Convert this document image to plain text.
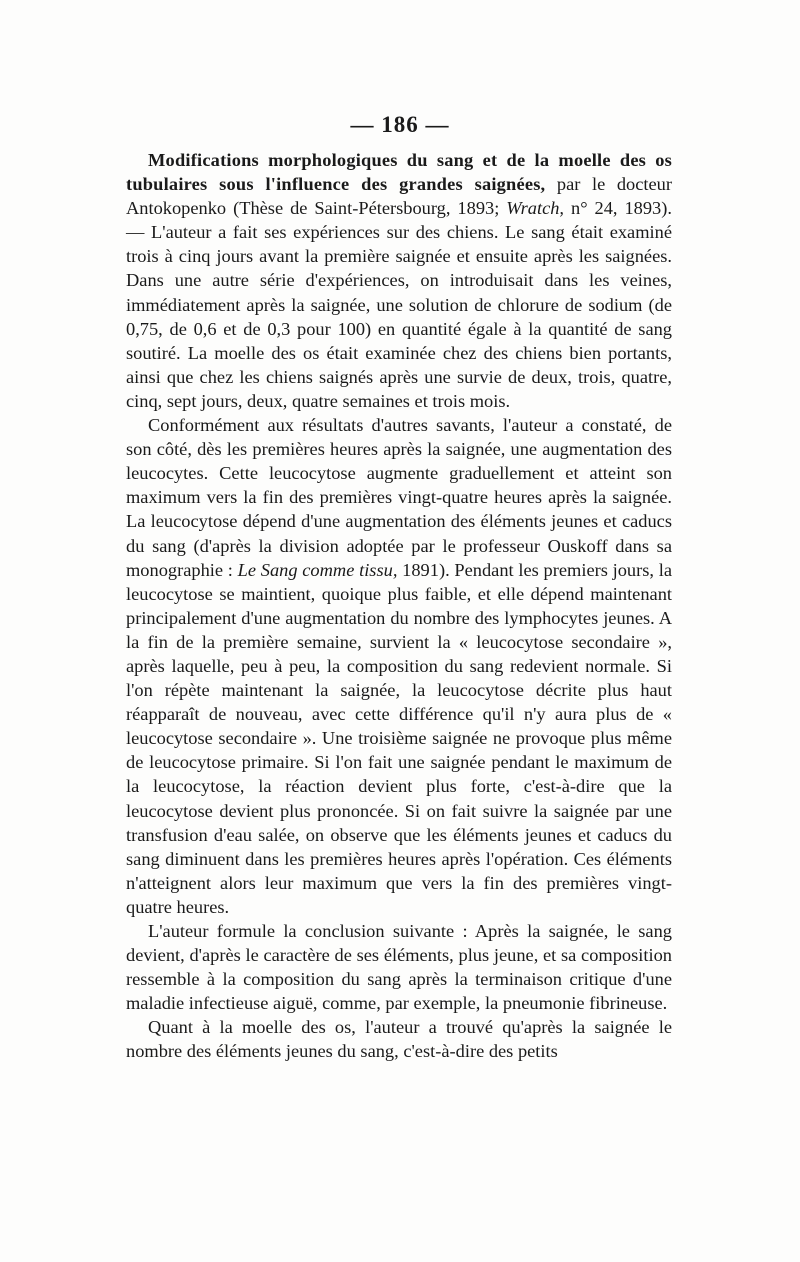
— 186 —

Modifications morphologiques du sang et de la moelle des os tubulaires sous l'influence des grandes saignées, par le docteur Antokopenko (Thèse de Saint-Pétersbourg, 1893; Wratch, n° 24, 1893). — L'auteur a fait ses expériences sur des chiens. Le sang était examiné trois à cinq jours avant la première saignée et ensuite après les saignées. Dans une autre série d'expériences, on introduisait dans les veines, immédiatement après la saignée, une solution de chlorure de sodium (de 0,75, de 0,6 et de 0,3 pour 100) en quantité égale à la quantité de sang soutiré. La moelle des os était examinée chez des chiens bien portants, ainsi que chez les chiens saignés après une survie de deux, trois, quatre, cinq, sept jours, deux, quatre semaines et trois mois.

Conformément aux résultats d'autres savants, l'auteur a constaté, de son côté, dès les premières heures après la saignée, une augmentation des leucocytes. Cette leucocytose augmente graduellement et atteint son maximum vers la fin des premières vingt-quatre heures après la saignée. La leucocytose dépend d'une augmentation des éléments jeunes et caducs du sang (d'après la division adoptée par le professeur Ouskoff dans sa monographie : Le Sang comme tissu, 1891). Pendant les premiers jours, la leucocytose se maintient, quoique plus faible, et elle dépend maintenant principalement d'une augmentation du nombre des lymphocytes jeunes. A la fin de la première semaine, survient la « leucocytose secondaire », après laquelle, peu à peu, la composition du sang redevient normale. Si l'on répète maintenant la saignée, la leucocytose décrite plus haut réapparaît de nouveau, avec cette différence qu'il n'y aura plus de « leucocytose secondaire ». Une troisième saignée ne provoque plus même de leucocytose primaire. Si l'on fait une saignée pendant le maximum de la leucocytose, la réaction devient plus forte, c'est-à-dire que la leucocytose devient plus prononcée. Si on fait suivre la saignée par une transfusion d'eau salée, on observe que les éléments jeunes et caducs du sang diminuent dans les premières heures après l'opération. Ces éléments n'atteignent alors leur maximum que vers la fin des premières vingt-quatre heures.

L'auteur formule la conclusion suivante : Après la saignée, le sang devient, d'après le caractère de ses éléments, plus jeune, et sa composition ressemble à la composition du sang après la terminaison critique d'une maladie infectieuse aiguë, comme, par exemple, la pneumonie fibrineuse.

Quant à la moelle des os, l'auteur a trouvé qu'après la saignée le nombre des éléments jeunes du sang, c'est-à-dire des petits
